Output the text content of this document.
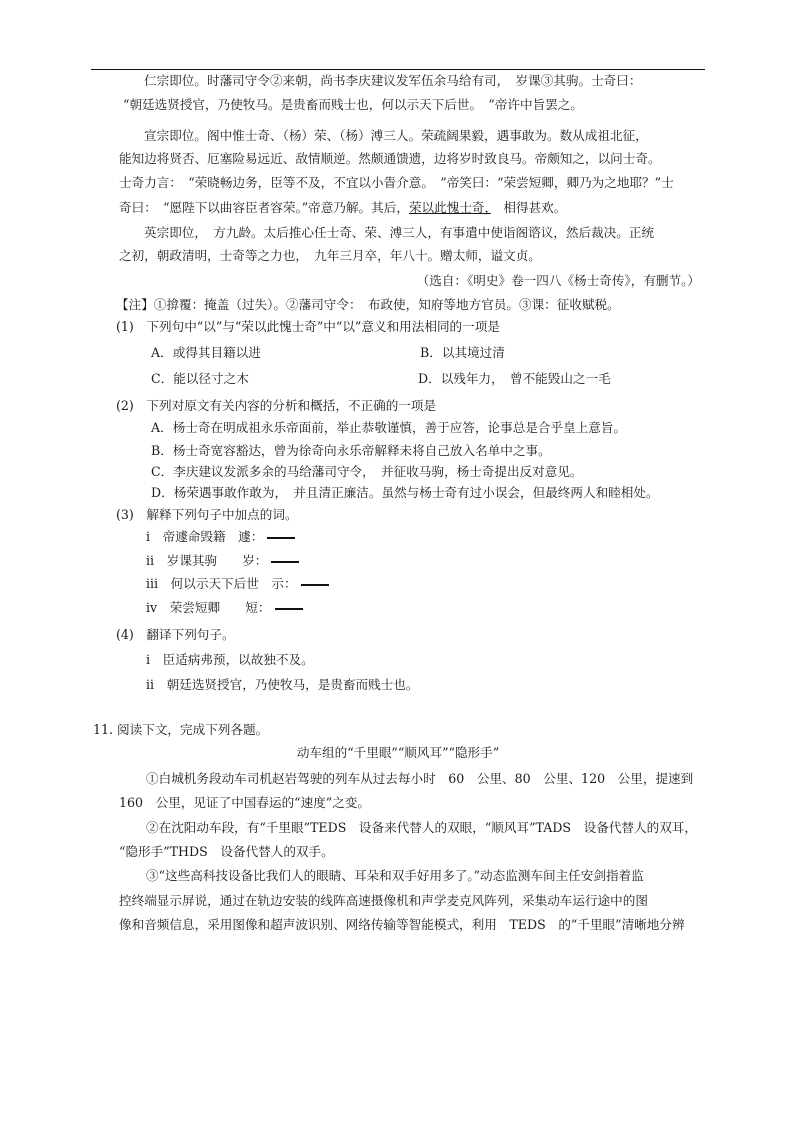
仁宗即位。时藩司守令②来朝，尚书李庆建议发军伍余马给有司，　岁课③其驹。士奇曰：
“朝廷选贤授官，乃使牧马。是贵畜而贱士也，何以示天下后世。　”帝许中旨罢之。
宣宗即位。阁中惟士奇、（杨）荣、（杨）溥三人。荣疏阔果毅，遇事敢为。数从成祖北征，
能知边将贤否、厄塞险易远近、敌情顺逆。然颇通馈遗，边将岁时致良马。帝颇知之，以问士奇。
士奇力言：　“荣晓畅边务，臣等不及，不宜以小眚介意。　”帝笑曰：“荣尝短卿，卿乃为之地耶？”士
奇曰：　“愿陛下以曲容臣者容荣。”帝意乃解。其后，荣以此愧士奇，　相得甚欢。
英宗即位，　方九龄。太后推心任士奇、荣、溥三人，有事遣中使诣阁谘议，然后裁决。正统
之初，朝政清明，士奇等之力也，　九年三月卒，年八十。赠太师，谥文贞。
（选自：《明史》卷一四八《杨士奇传》，有删节。）
【注】①揜覆：掩盖（过失）。②藩司守令：　布政使，知府等地方官员。③课：征收赋税。
(1)　下列句中“以”与“荣以此愧士奇”中“以”意义和用法相同的一项是
A．或得其目籍以进	B．以其境过清
C．能以径寸之木	D．以残年力，　曾不能毁山之一毛
(2)　下列对原文有关内容的分析和概括，不正确的一项是
A．杨士奇在明成祖永乐帝面前，举止恭敬谨慎，善于应答，论事总是合乎皇上意旨。
B．杨士奇宽容豁达，曾为徐奇向永乐帝解释未将自己放入名单中之事。
C．李庆建议发派多余的马给藩司守令，　并征收马驹，杨士奇提出反对意见。
D．杨荣遇事敢作敢为，　并且清正廉洁。虽然与杨士奇有过小误会，但最终两人和睦相处。
(3)　解释下列句子中加点的词。
i　帝遽命毁籍　遽：
ii　岁课其驹　　岁：
iii　何以示天下后世　示：
iv　荣尝短卿　　短：
(4)　翻译下列句子。
i　臣适病弗预，以故独不及。
ii　朝廷选贤授官，乃使牧马，是贵畜而贱士也。
11. 阅读下文，完成下列各题。
动车组的“千里眼”“顺风耳”“隐形手”
①白城机务段动车司机赵岩驾驶的列车从过去每小时　60　公里、80　公里、120　公里，提速到
160　公里，见证了中国春运的“速度”之变。
②在沈阳动车段，有“千里眼”TEDS　设备来代替人的双眼，“顺风耳”TADS　设备代替人的双耳，
“隐形手”THDS　设备代替人的双手。
③“这些高科技设备比我们人的眼睛、耳朵和双手好用多了。”动态监测车间主任安剑指着监
控终端显示屏说，通过在轨边安装的线阵高速摄像机和声学麦克风阵列，采集动车运行途中的图
像和音频信息，采用图像和超声波识别、网络传输等智能模式，利用　TEDS　的“千里眼”清晰地分辨
